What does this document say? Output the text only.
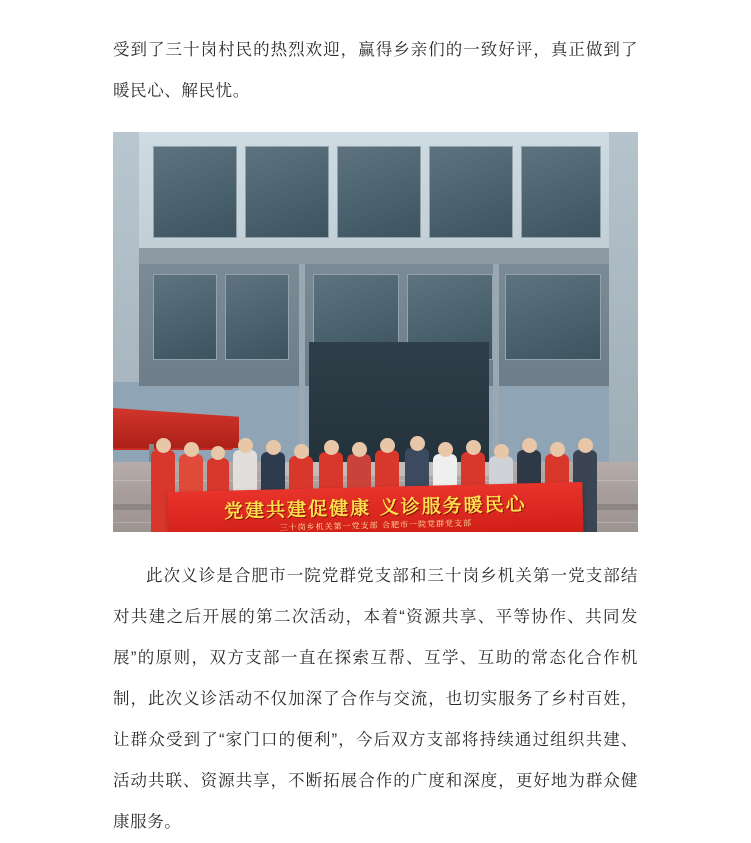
受到了三十岗村民的热烈欢迎，赢得乡亲们的一致好评，真正做到了暖民心、解民忧。

此次义诊是合肥市一院党群党支部和三十岗乡机关第一党支部结对共建之后开展的第二次活动，本着“资源共享、平等协作、共同发展”的原则，双方支部一直在探索互帮、互学、互助的常态化合作机制，此次义诊活动不仅加深了合作与交流，也切实服务了乡村百姓，让群众受到了“家门口的便利”，今后双方支部将持续通过组织共建、活动共联、资源共享，不断拓展合作的广度和深度，更好地为群众健康服务。

党建共建促健康 义诊服务暖民心
三十岗乡机关第一党支部 合肥市一院党群党支部
